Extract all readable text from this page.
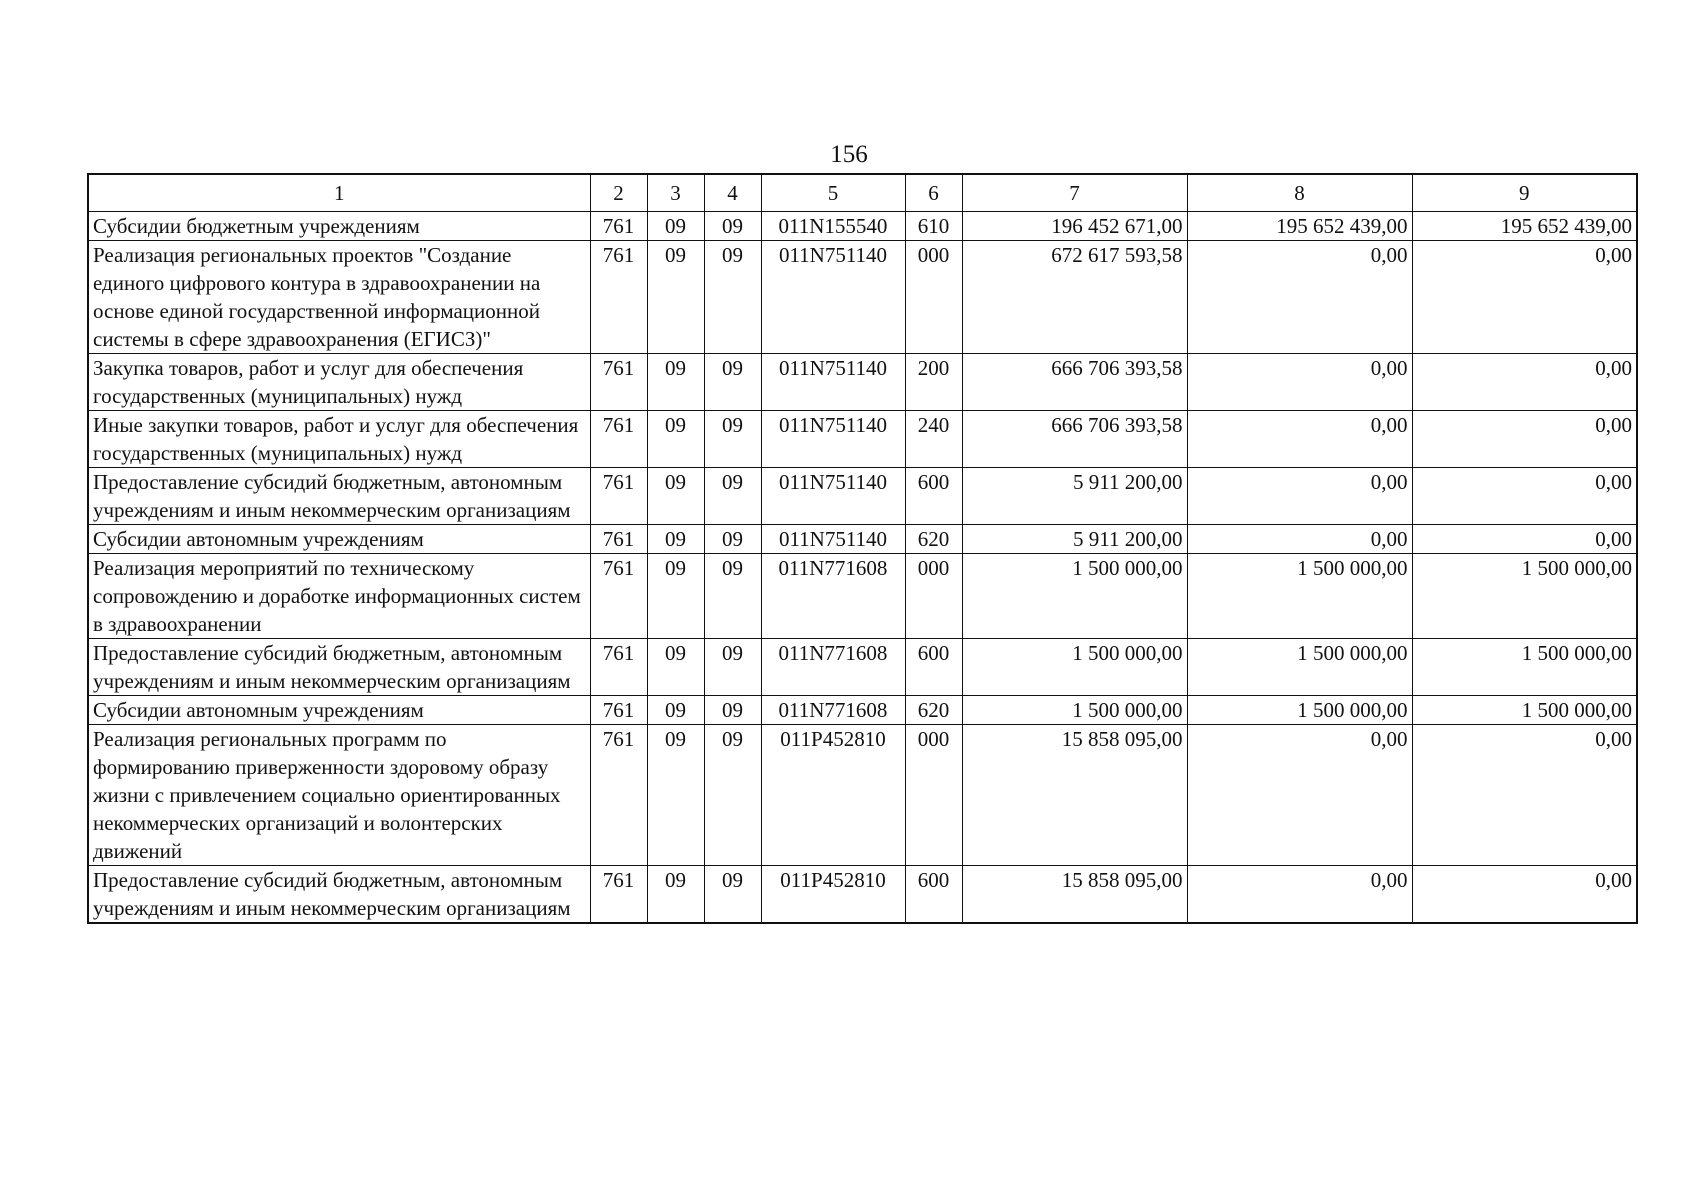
156
1	2	3	4	5	6	7	8	9
Субсидии бюджетным учреждениям	761	09	09	011N155540	610	196 452 671,00	195 652 439,00	195 652 439,00
Реализация региональных проектов "Создание единого цифрового контура в здравоохранении на основе единой государственной информационной системы в сфере здравоохранения (ЕГИСЗ)"	761	09	09	011N751140	000	672 617 593,58	0,00	0,00
Закупка товаров, работ и услуг для обеспечения государственных (муниципальных) нужд	761	09	09	011N751140	200	666 706 393,58	0,00	0,00
Иные закупки товаров, работ и услуг для обеспечения государственных (муниципальных) нужд	761	09	09	011N751140	240	666 706 393,58	0,00	0,00
Предоставление субсидий бюджетным, автономным учреждениям и иным некоммерческим организациям	761	09	09	011N751140	600	5 911 200,00	0,00	0,00
Субсидии автономным учреждениям	761	09	09	011N751140	620	5 911 200,00	0,00	0,00
Реализация мероприятий по техническому сопровождению и доработке информационных систем в здравоохранении	761	09	09	011N771608	000	1 500 000,00	1 500 000,00	1 500 000,00
Предоставление субсидий бюджетным, автономным учреждениям и иным некоммерческим организациям	761	09	09	011N771608	600	1 500 000,00	1 500 000,00	1 500 000,00
Субсидии автономным учреждениям	761	09	09	011N771608	620	1 500 000,00	1 500 000,00	1 500 000,00
Реализация региональных программ по формированию приверженности здоровому образу жизни с привлечением социально ориентированных некоммерческих организаций и волонтерских движений	761	09	09	011P452810	000	15 858 095,00	0,00	0,00
Предоставление субсидий бюджетным, автономным учреждениям и иным некоммерческим организациям	761	09	09	011P452810	600	15 858 095,00	0,00	0,00
